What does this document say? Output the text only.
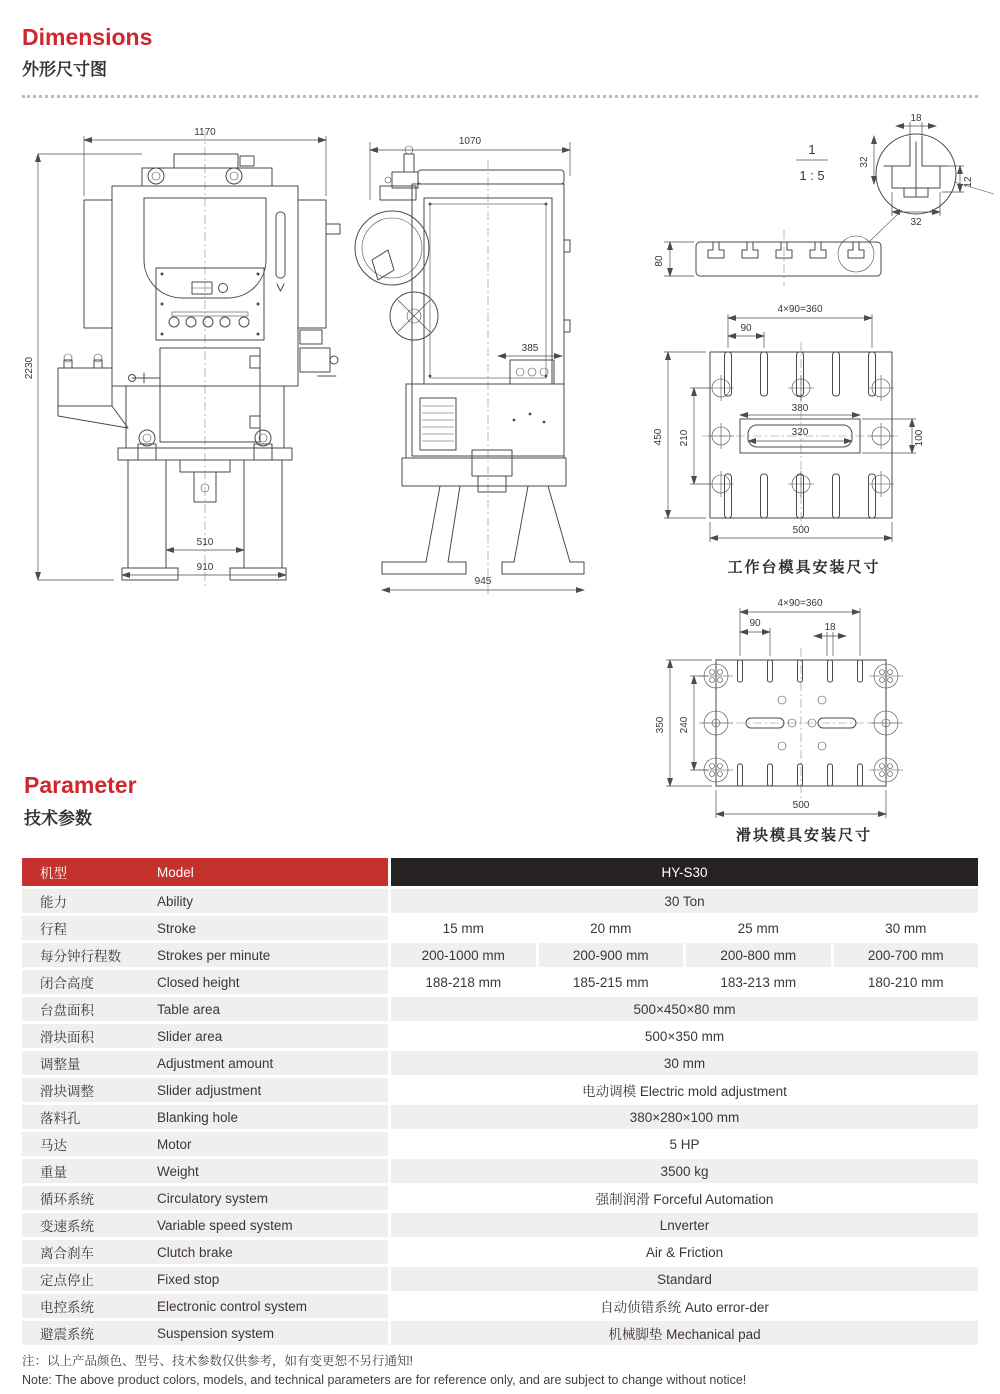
Dimensions
外形尺寸图
1170
2230
510
910
1070
385
945
1
1 : 5
18
32
32
12
80
4×90=360
90
380
320
450 210	100
500
工作台模具安装尺寸
4×90=360
90	18
350 240
500
滑块模具安装尺寸
Parameter
技术参数
机型	Model	HY-S30
能力	Ability	30 Ton
行程	Stroke	15 mm	20 mm	25 mm	30 mm
每分钟行程数	Strokes per minute	200-1000 mm	200-900 mm	200-800 mm	200-700 mm
闭合高度	Closed height	188-218 mm	185-215 mm	183-213 mm	180-210 mm
台盘面积	Table area	500×450×80 mm
滑块面积	Slider area	500×350 mm
调整量	Adjustment amount	30 mm
滑块调整	Slider adjustment	电动调模 Electric mold adjustment
落料孔	Blanking hole	380×280×100 mm
马达	Motor	5 HP
重量	Weight	3500 kg
循环系统	Circulatory system	强制润滑 Forceful Automation
变速系统	Variable speed system	Lnverter
离合刹车	Clutch brake	Air & Friction
定点停止	Fixed stop	Standard
电控系统	Electronic control system	自动侦错系统 Auto error-der
避震系统	Suspension system	机械脚垫 Mechanical pad
注：以上产品颜色、型号、技术参数仅供参考，如有变更恕不另行通知!
Note: The above product colors, models, and technical parameters are for reference only, and are subject to change without notice!
